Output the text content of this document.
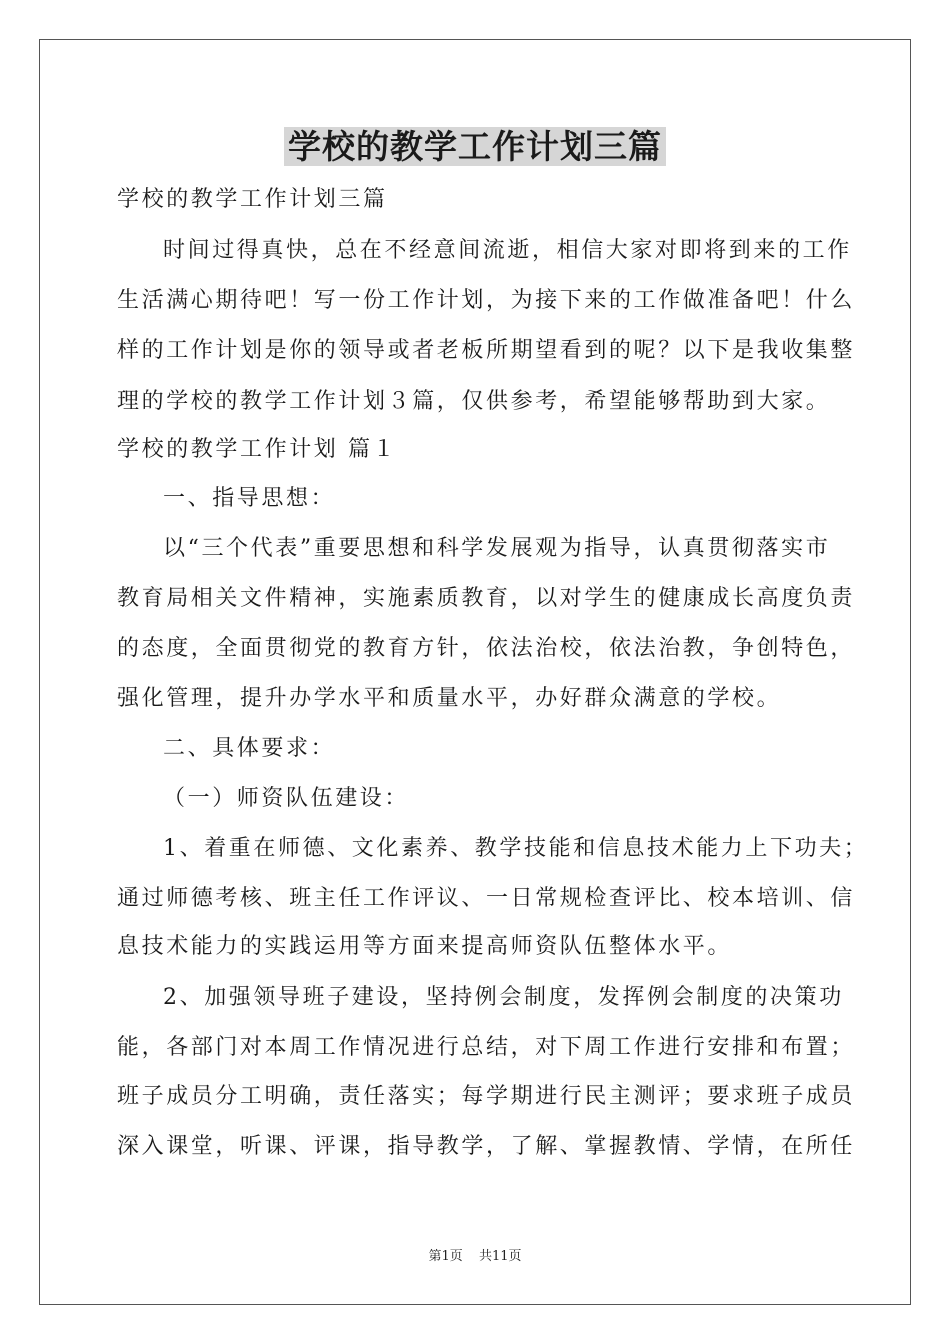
学校的教学工作计划三篇
学校的教学工作计划三篇
时间过得真快，总在不经意间流逝，相信大家对即将到来的工作
生活满心期待吧！写一份工作计划，为接下来的工作做准备吧！什么
样的工作计划是你的领导或者老板所期望看到的呢？以下是我收集整
理的学校的教学工作计划３篇，仅供参考，希望能够帮助到大家。
学校的教学工作计划 篇１
一、指导思想：
以“三个代表”重要思想和科学发展观为指导，认真贯彻落实市
教育局相关文件精神，实施素质教育，以对学生的健康成长高度负责
的态度，全面贯彻党的教育方针，依法治校，依法治教，争创特色，
强化管理，提升办学水平和质量水平，办好群众满意的学校。
二、具体要求：
（一）师资队伍建设：
1、着重在师德、文化素养、教学技能和信息技术能力上下功夫；
通过师德考核、班主任工作评议、一日常规检查评比、校本培训、信
息技术能力的实践运用等方面来提高师资队伍整体水平。
2、加强领导班子建设，坚持例会制度，发挥例会制度的决策功
能，各部门对本周工作情况进行总结，对下周工作进行安排和布置；
班子成员分工明确，责任落实；每学期进行民主测评；要求班子成员
深入课堂，听课、评课，指导教学，了解、掌握教情、学情，在所任
第1页 共11页
